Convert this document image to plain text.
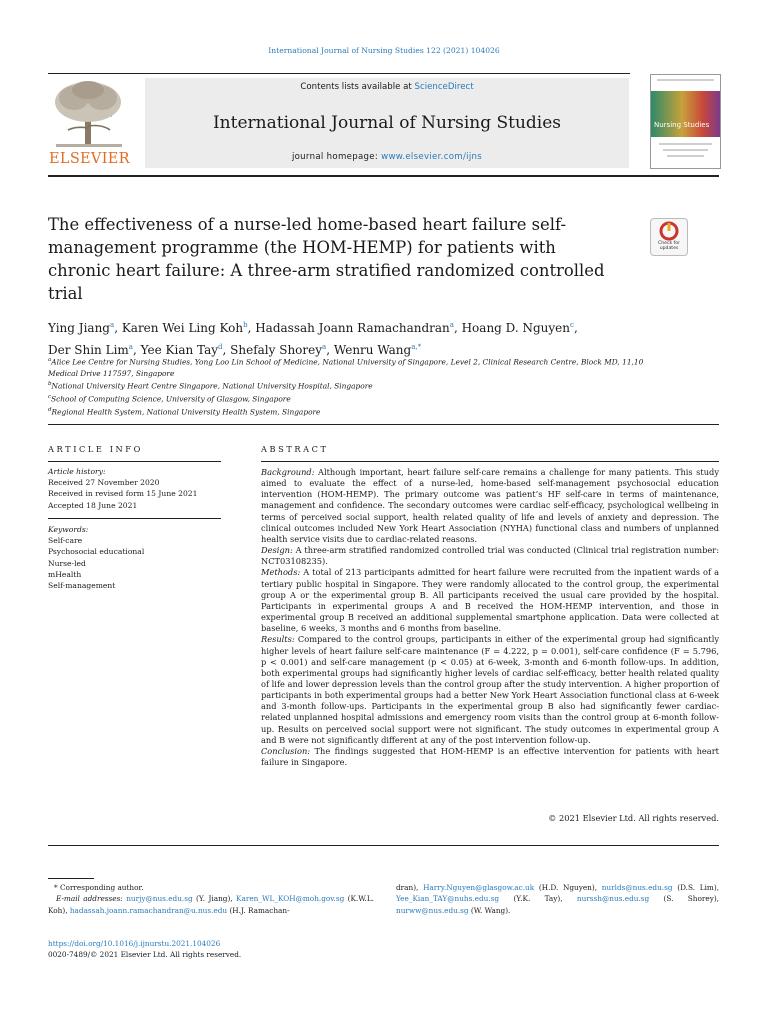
International Journal of Nursing Studies 122 (2021) 104026
ELSEVIER
Contents lists available at ScienceDirect
International Journal of Nursing Studies
journal homepage: www.elsevier.com/ijns
Nursing Studies
The effectiveness of a nurse-led home-based heart failure self-management programme (the HOM-HEMP) for patients with chronic heart failure: A three-arm stratified randomized controlled trial
Check for updates
Ying Jiang$^a$, Karen Wei Ling Koh$^b$, Hadassah Joann Ramachandran$^a$, Hoang D. Nguyen$^c$,
Der Shin Lim$^a$, Yee Kian Tay$^d$, Shefaly Shorey$^a$, Wenru Wang$^{a,*}$
$^a$Alice Lee Centre for Nursing Studies, Yong Loo Lin School of Medicine, National University of Singapore, Level 2, Clinical Research Centre, Block MD, 11,10 Medical Drive 117597, Singapore
$^b$National University Heart Centre Singapore, National University Hospital, Singapore
$^c$School of Computing Science, University of Glasgow, Singapore
$^d$Regional Health System, National University Health System, Singapore
ARTICLE INFO
Article history:
Received 27 November 2020
Received in revised form 15 June 2021
Accepted 18 June 2021
Keywords:
Self-care
Psychosocial educational
Nurse-led
mHealth
Self-management
ABSTRACT

Background: Although important, heart failure self-care remains a challenge for many patients. This study aimed to evaluate the effect of a nurse-led, home-based self-management psychosocial education intervention (HOM-HEMP). The primary outcome was patient’s HF self-care in terms of maintenance, management and confidence. The secondary outcomes were cardiac self-efficacy, psychological wellbeing in terms of perceived social support, health related quality of life and levels of anxiety and depression. The clinical outcomes included New York Heart Association (NYHA) functional class and numbers of unplanned health service visits due to cardiac-related reasons.

Design: A three-arm stratified randomized controlled trial was conducted (Clinical trial registration number: NCT03108235).

Methods: A total of 213 participants admitted for heart failure were recruited from the inpatient wards of a tertiary public hospital in Singapore. They were randomly allocated to the control group, the experimental group A or the experimental group B. All participants received the usual care provided by the hospital. Participants in experimental groups A and B received the HOM-HEMP intervention, and those in experimental group B received an additional supplemental smartphone application. Data were collected at baseline, 6 weeks, 3 months and 6 months from baseline.

Results: Compared to the control groups, participants in either of the experimental group had significantly higher levels of heart failure self-care maintenance (F = 4.222, p = 0.001), self-care confidence (F = 5.796, p < 0.001) and self-care management (p < 0.05) at 6-week, 3-month and 6-month follow-ups. In addition, both experimental groups had significantly higher levels of cardiac self-efficacy, better health related quality of life and lower depression levels than the control group after the study intervention. A higher proportion of participants in both experimental groups had a better New York Heart Association functional class at 6-week and 3-month follow-ups. Participants in the experimental group B also had significantly fewer cardiac-related unplanned hospital admissions and emergency room visits than the control group at 6-month follow-up. Results on perceived social support were not significant. The study outcomes in experimental group A and B were not significantly different at any of the post intervention follow-up.

Conclusion: The findings suggested that HOM-HEMP is an effective intervention for patients with heart failure in Singapore.

© 2021 Elsevier Ltd. All rights reserved.
* Corresponding author.
E-mail addresses: nurjy@nus.edu.sg (Y. Jiang), Karen_WL_KOH@moh.gov.sg (K.W.L. Koh), hadassah.joann.ramachandran@u.nus.edu (H.J. Ramachan-
dran), Harry.Nguyen@glasgow.ac.uk (H.D. Nguyen), nurlds@nus.edu.sg (D.S. Lim), Yee_Kian_TAY@nuhs.edu.sg (Y.K. Tay), nurssh@nus.edu.sg (S. Shorey), nurww@nus.edu.sg (W. Wang).
https://doi.org/10.1016/j.ijnurstu.2021.104026
0020-7489/© 2021 Elsevier Ltd. All rights reserved.
